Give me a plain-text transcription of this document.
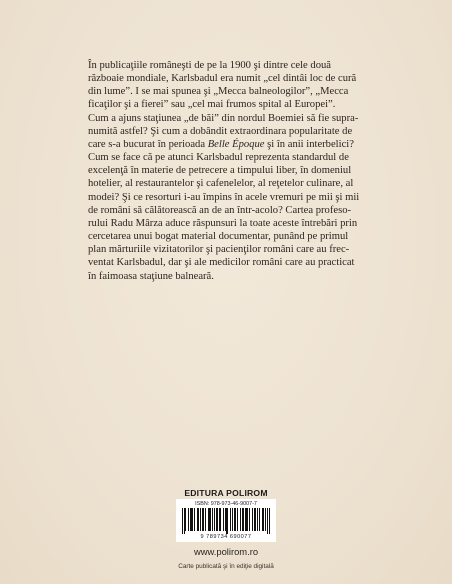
În publicaţiile româneşti de pe la 1900 şi dintre cele două
războaie mondiale, Karlsbadul era numit „cel dintâi loc de cură
din lume”. I se mai spunea şi „Mecca balneologilor”, „Mecca
ficaţilor şi a fierei” sau „cel mai frumos spital al Europei”.
Cum a ajuns staţiunea „de băi” din nordul Boemiei să fie supra-
numită astfel? Şi cum a dobândit extraordinara popularitate de
care s-a bucurat în perioada Belle Époque şi în anii interbelici?
Cum se face că pe atunci Karlsbadul reprezenta standardul de
excelenţă în materie de petrecere a timpului liber, în domeniul
hotelier, al restaurantelor şi cafenelelor, al reţetelor culinare, al
modei? Şi ce resorturi i-au împins în acele vremuri pe mii şi mii
de români să călătorească an de an într-acolo? Cartea profeso-
rului Radu Mârza aduce răspunsuri la toate aceste întrebări prin
cercetarea unui bogat material documentar, punând pe primul
plan mărturiile vizitatorilor şi pacienţilor români care au frec-
ventat Karlsbadul, dar şi ale medicilor români care au practicat
în faimoasa staţiune balneară.

EDITURA POLIROM
ISBN: 978-973-46-9007-7
9 789734 690077
www.polirom.ro
Carte publicată şi în ediţie digitală
